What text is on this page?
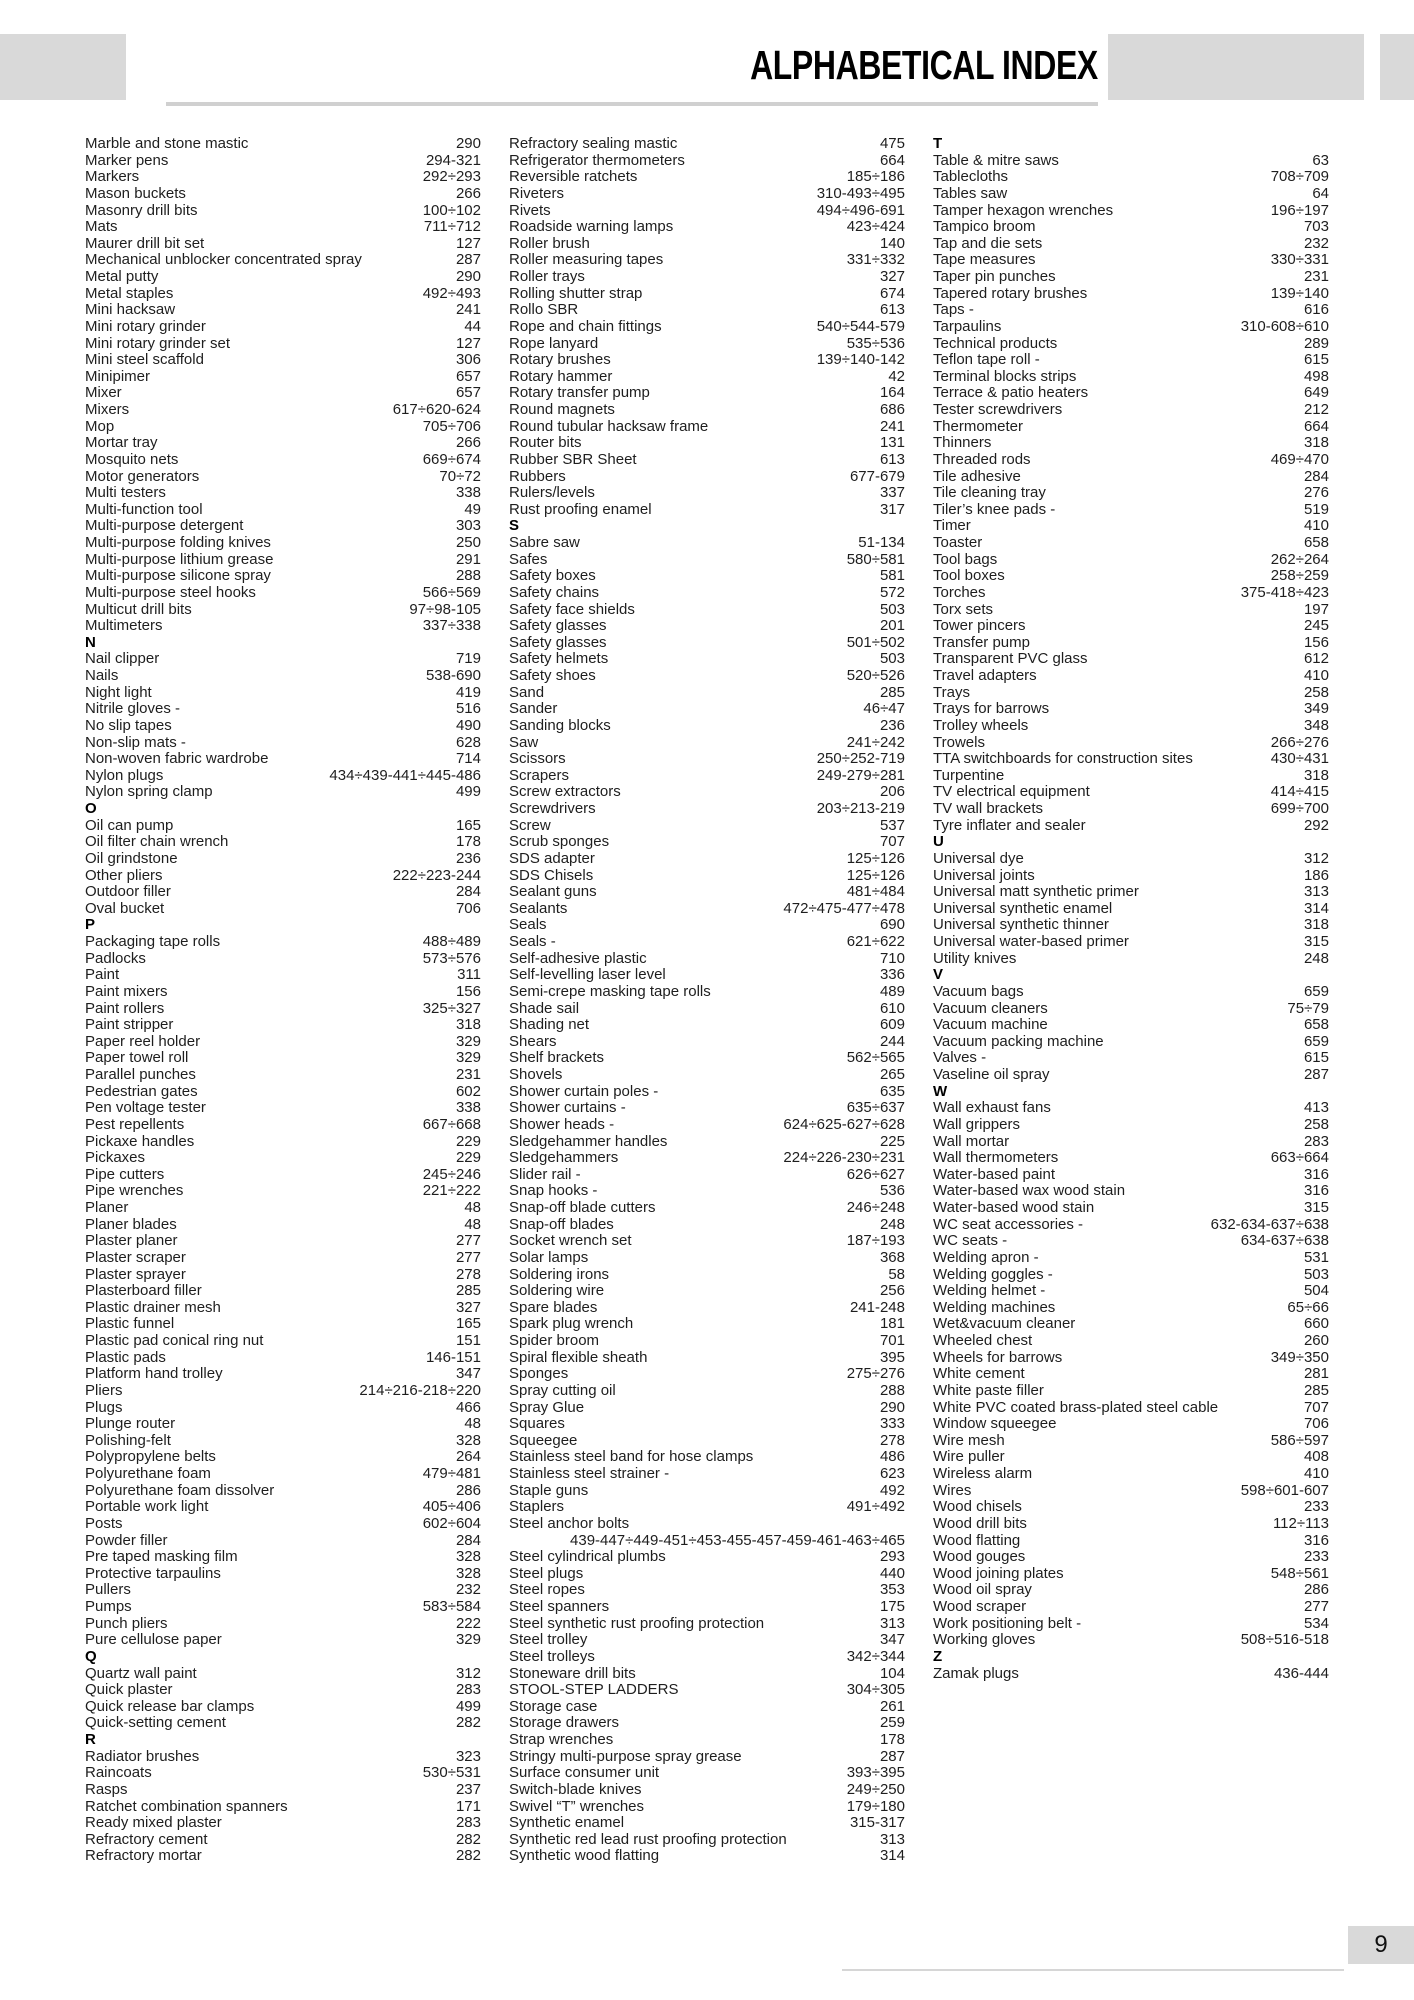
ALPHABETICAL INDEX
Marble and stone mastic	290
Marker pens	294-321
Markers	292÷293
Mason buckets	266
Masonry drill bits	100÷102
Mats	711÷712
Maurer drill bit set	127
Mechanical unblocker concentrated spray	287
Metal putty	290
Metal staples	492÷493
Mini hacksaw	241
Mini rotary grinder	44
Mini rotary grinder set	127
Mini steel scaffold	306
Minipimer	657
Mixer	657
Mixers	617÷620-624
Mop	705÷706
Mortar tray	266
Mosquito nets	669÷674
Motor generators	70÷72
Multi testers	338
Multi-function tool	49
Multi-purpose detergent	303
Multi-purpose folding knives	250
Multi-purpose lithium grease	291
Multi-purpose silicone spray	288
Multi-purpose steel hooks	566÷569
Multicut drill bits	97÷98-105
Multimeters	337÷338
N
Nail clipper	719
Nails	538-690
Night light	419
Nitrile gloves -	516
No slip tapes	490
Non-slip mats -	628
Non-woven fabric wardrobe	714
Nylon plugs	434÷439-441÷445-486
Nylon spring clamp	499
O
Oil can pump	165
Oil filter chain wrench	178
Oil grindstone	236
Other pliers	222÷223-244
Outdoor filler	284
Oval bucket	706
P
Packaging tape rolls	488÷489
Padlocks	573÷576
Paint	311
Paint mixers	156
Paint rollers	325÷327
Paint stripper	318
Paper reel holder	329
Paper towel roll	329
Parallel punches	231
Pedestrian gates	602
Pen voltage tester	338
Pest repellents	667÷668
Pickaxe handles	229
Pickaxes	229
Pipe cutters	245÷246
Pipe wrenches	221÷222
Planer	48
Planer blades	48
Plaster planer	277
Plaster scraper	277
Plaster sprayer	278
Plasterboard filler	285
Plastic drainer mesh	327
Plastic funnel	165
Plastic pad conical ring nut	151
Plastic pads	146-151
Platform hand trolley	347
Pliers	214÷216-218÷220
Plugs	466
Plunge router	48
Polishing-felt	328
Polypropylene belts	264
Polyurethane foam	479÷481
Polyurethane foam dissolver	286
Portable work light	405÷406
Posts	602÷604
Powder filler	284
Pre taped masking film	328
Protective tarpaulins	328
Pullers	232
Pumps	583÷584
Punch pliers	222
Pure cellulose paper	329
Q
Quartz wall paint	312
Quick plaster	283
Quick release bar clamps	499
Quick-setting cement	282
R
Radiator brushes	323
Raincoats	530÷531
Rasps	237
Ratchet combination spanners	171
Ready mixed plaster	283
Refractory cement	282
Refractory mortar	282
Refractory sealing mastic	475
Refrigerator thermometers	664
Reversible ratchets	185÷186
Riveters	310-493÷495
Rivets	494÷496-691
Roadside warning lamps	423÷424
Roller brush	140
Roller measuring tapes	331÷332
Roller trays	327
Rolling shutter strap	674
Rollo SBR	613
Rope and chain fittings	540÷544-579
Rope lanyard	535÷536
Rotary brushes	139÷140-142
Rotary hammer	42
Rotary transfer pump	164
Round magnets	686
Round tubular hacksaw frame	241
Router bits	131
Rubber SBR Sheet	613
Rubbers	677-679
Rulers/levels	337
Rust proofing enamel	317
S
Sabre saw	51-134
Safes	580÷581
Safety boxes	581
Safety chains	572
Safety face shields	503
Safety glasses	201
Safety glasses	501÷502
Safety helmets	503
Safety shoes	520÷526
Sand	285
Sander	46÷47
Sanding blocks	236
Saw	241÷242
Scissors	250÷252-719
Scrapers	249-279÷281
Screw extractors	206
Screwdrivers	203÷213-219
Screw	537
Scrub sponges	707
SDS adapter	125÷126
SDS Chisels	125÷126
Sealant guns	481÷484
Sealants	472÷475-477÷478
Seals	690
Seals -	621÷622
Self-adhesive plastic	710
Self-levelling laser level	336
Semi-crepe masking tape rolls	489
Shade sail	610
Shading net	609
Shears	244
Shelf brackets	562÷565
Shovels	265
Shower curtain poles -	635
Shower curtains -	635÷637
Shower heads -	624÷625-627÷628
Sledgehammer handles	225
Sledgehammers	224÷226-230÷231
Slider rail -	626÷627
Snap hooks -	536
Snap-off blade cutters	246÷248
Snap-off blades	248
Socket wrench set	187÷193
Solar lamps	368
Soldering irons	58
Soldering wire	256
Spare blades	241-248
Spark plug wrench	181
Spider broom	701
Spiral flexible sheath	395
Sponges	275÷276
Spray cutting oil	288
Spray Glue	290
Squares	333
Squeegee	278
Stainless steel band for hose clamps	486
Stainless steel strainer -	623
Staple guns	492
Staplers	491÷492
Steel anchor bolts
439-447÷449-451÷453-455-457-459-461-463÷465
Steel cylindrical plumbs	293
Steel plugs	440
Steel ropes	353
Steel spanners	175
Steel synthetic rust proofing protection	313
Steel trolley	347
Steel trolleys	342÷344
Stoneware drill bits	104
STOOL-STEP LADDERS	304÷305
Storage case	261
Storage drawers	259
Strap wrenches	178
Stringy multi-purpose spray grease	287
Surface consumer unit	393÷395
Switch-blade knives	249÷250
Swivel “T” wrenches	179÷180
Synthetic enamel	315-317
Synthetic red lead rust proofing protection	313
Synthetic wood flatting	314
T
Table & mitre saws	63
Tablecloths	708÷709
Tables saw	64
Tamper hexagon wrenches	196÷197
Tampico broom	703
Tap and die sets	232
Tape measures	330÷331
Taper pin punches	231
Tapered rotary brushes	139÷140
Taps -	616
Tarpaulins	310-608÷610
Technical products	289
Teflon tape roll -	615
Terminal blocks strips	498
Terrace & patio heaters	649
Tester screwdrivers	212
Thermometer	664
Thinners	318
Threaded rods	469÷470
Tile adhesive	284
Tile cleaning tray	276
Tiler’s knee pads -	519
Timer	410
Toaster	658
Tool bags	262÷264
Tool boxes	258÷259
Torches	375-418÷423
Torx sets	197
Tower pincers	245
Transfer pump	156
Transparent PVC glass	612
Travel adapters	410
Trays	258
Trays for barrows	349
Trolley wheels	348
Trowels	266÷276
TTA switchboards for construction sites	430÷431
Turpentine	318
TV electrical equipment	414÷415
TV wall brackets	699÷700
Tyre inflater and sealer	292
U
Universal dye	312
Universal joints	186
Universal matt synthetic primer	313
Universal synthetic enamel	314
Universal synthetic thinner	318
Universal water-based primer	315
Utility knives	248
V
Vacuum bags	659
Vacuum cleaners	75÷79
Vacuum machine	658
Vacuum packing machine	659
Valves -	615
Vaseline oil spray	287
W
Wall exhaust fans	413
Wall grippers	258
Wall mortar	283
Wall thermometers	663÷664
Water-based paint	316
Water-based wax wood stain	316
Water-based wood stain	315
WC seat accessories -	632-634-637÷638
WC seats -	634-637÷638
Welding apron -	531
Welding goggles -	503
Welding helmet -	504
Welding machines	65÷66
Wet&vacuum cleaner	660
Wheeled chest	260
Wheels for barrows	349÷350
White cement	281
White paste filler	285
White PVC coated brass-plated steel cable	707
Window squeegee	706
Wire mesh	586÷597
Wire puller	408
Wireless alarm	410
Wires	598÷601-607
Wood chisels	233
Wood drill bits	112÷113
Wood flatting	316
Wood gouges	233
Wood joining plates	548÷561
Wood oil spray	286
Wood scraper	277
Work positioning belt -	534
Working gloves	508÷516-518
Z
Zamak plugs	436-444
9
